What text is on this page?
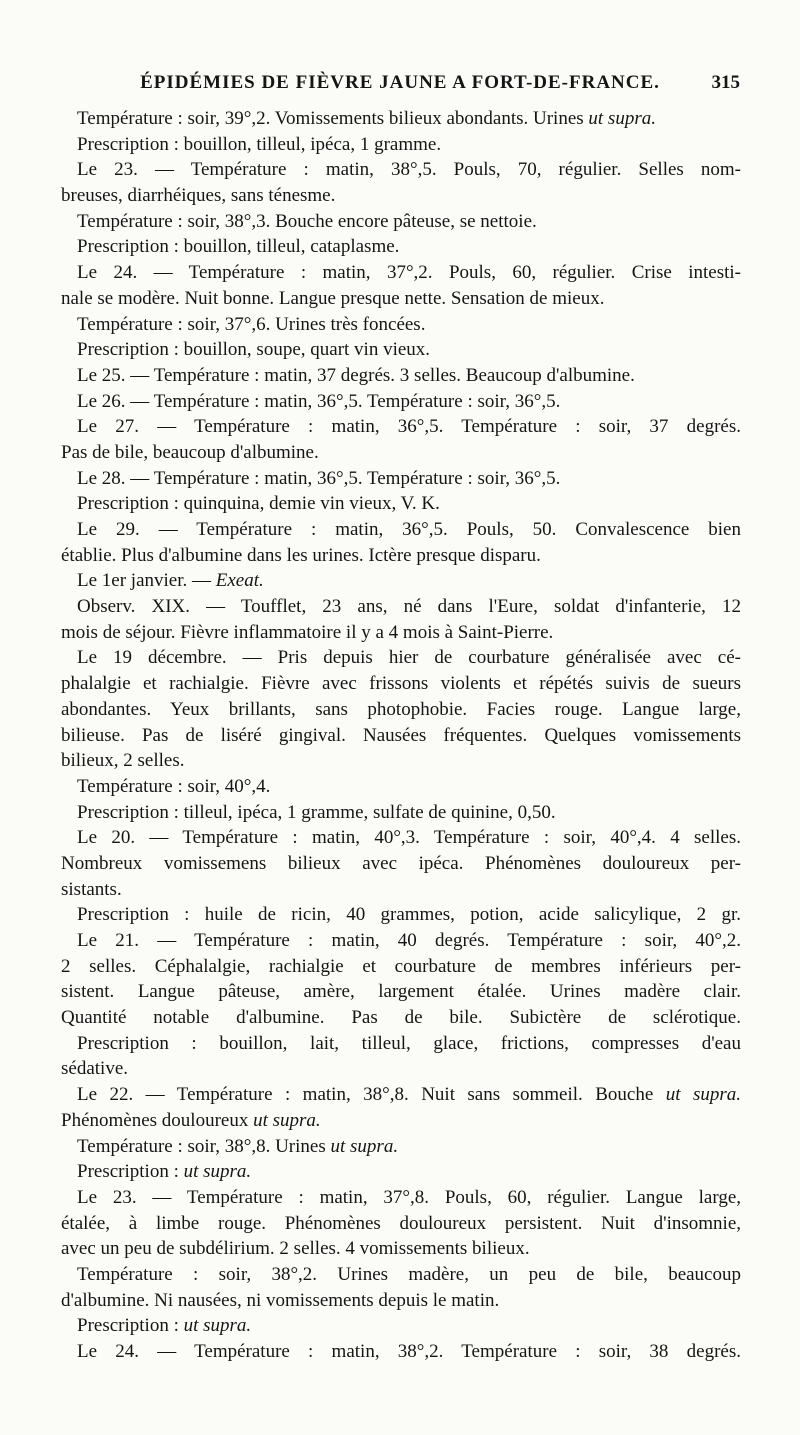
ÉPIDÉMIES DE FIÈVRE JAUNE A FORT-DE-FRANCE.	315
Température : soir, 39°,2. Vomissements bilieux abondants. Urines ut supra.
Prescription : bouillon, tilleul, ipéca, 1 gramme.
Le 23. — Température : matin, 38°,5. Pouls, 70, régulier. Selles nom-
breuses, diarrhéiques, sans ténesme.
Température : soir, 38°,3. Bouche encore pâteuse, se nettoie.
Prescription : bouillon, tilleul, cataplasme.
Le 24. — Température : matin, 37°,2. Pouls, 60, régulier. Crise intesti-
nale se modère. Nuit bonne. Langue presque nette. Sensation de mieux.
Température : soir, 37°,6. Urines très foncées.
Prescription : bouillon, soupe, quart vin vieux.
Le 25. — Température : matin, 37 degrés. 3 selles. Beaucoup d'albumine.
Le 26. — Température : matin, 36°,5. Température : soir, 36°,5.
Le 27. — Température : matin, 36°,5. Température : soir, 37 degrés.
Pas de bile, beaucoup d'albumine.
Le 28. — Température : matin, 36°,5. Température : soir, 36°,5.
Prescription : quinquina, demie vin vieux, V. K.
Le 29. — Température : matin, 36°,5. Pouls, 50. Convalescence bien
établie. Plus d'albumine dans les urines. Ictère presque disparu.
Le 1er janvier. — Exeat.
Observ. XIX. — Toufflet, 23 ans, né dans l'Eure, soldat d'infanterie, 12
mois de séjour. Fièvre inflammatoire il y a 4 mois à Saint-Pierre.
Le 19 décembre. — Pris depuis hier de courbature généralisée avec cé-
phalalgie et rachialgie. Fièvre avec frissons violents et répétés suivis de sueurs
abondantes. Yeux brillants, sans photophobie. Facies rouge. Langue large,
bilieuse. Pas de liséré gingival. Nausées fréquentes. Quelques vomissements
bilieux, 2 selles.
Température : soir, 40°,4.
Prescription : tilleul, ipéca, 1 gramme, sulfate de quinine, 0,50.
Le 20. — Température : matin, 40°,3. Température : soir, 40°,4. 4 selles.
Nombreux vomissemens bilieux avec ipéca. Phénomènes douloureux per-
sistants.
Prescription : huile de ricin, 40 grammes, potion, acide salicylique, 2 gr.
Le 21. — Température : matin, 40 degrés. Température : soir, 40°,2.
2 selles. Céphalalgie, rachialgie et courbature de membres inférieurs per-
sistent. Langue pâteuse, amère, largement étalée. Urines madère clair.
Quantité notable d'albumine. Pas de bile. Subictère de sclérotique.
Prescription : bouillon, lait, tilleul, glace, frictions, compresses d'eau
sédative.
Le 22. — Température : matin, 38°,8. Nuit sans sommeil. Bouche ut supra.
Phénomènes douloureux ut supra.
Température : soir, 38°,8. Urines ut supra.
Prescription : ut supra.
Le 23. — Température : matin, 37°,8. Pouls, 60, régulier. Langue large,
étalée, à limbe rouge. Phénomènes douloureux persistent. Nuit d'insomnie,
avec un peu de subdélirium. 2 selles. 4 vomissements bilieux.
Température : soir, 38°,2. Urines madère, un peu de bile, beaucoup
d'albumine. Ni nausées, ni vomissements depuis le matin.
Prescription : ut supra.
Le 24. — Température : matin, 38°,2. Température : soir, 38 degrés.
